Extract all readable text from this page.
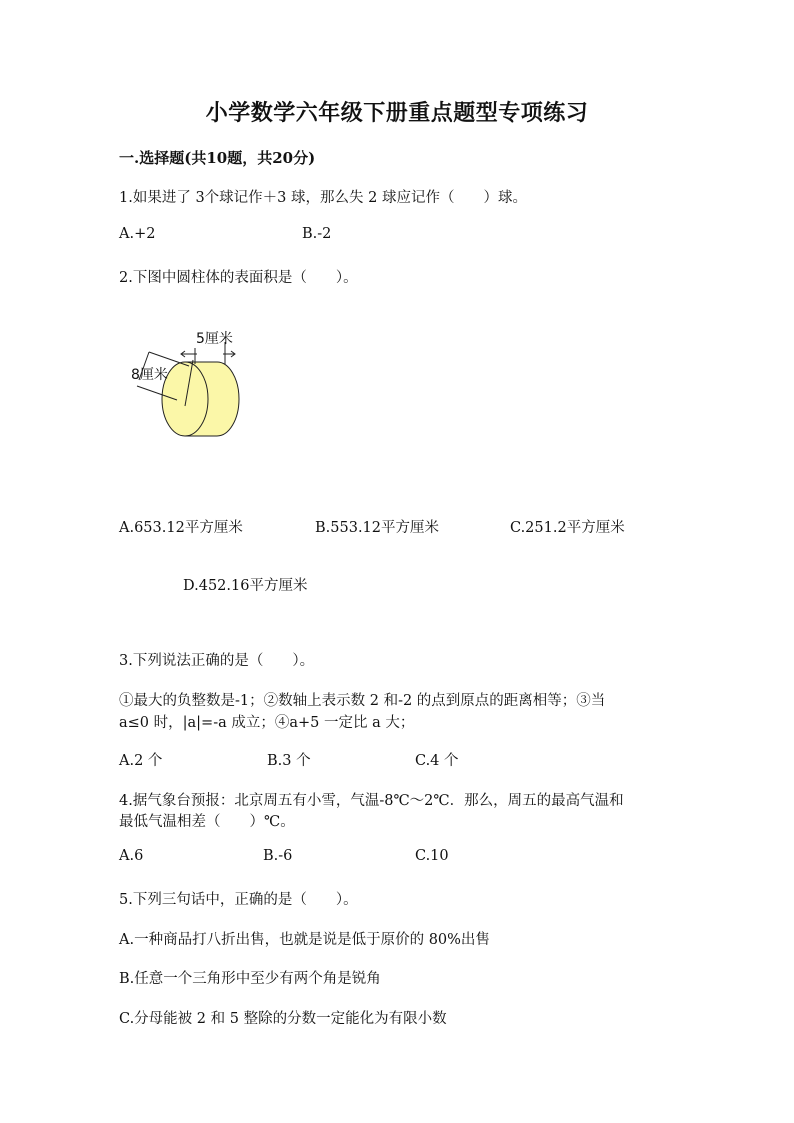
小学数学六年级下册重点题型专项练习
一.选择题(共10题，共20分)
1.如果进了 3个球记作＋3 球，那么失 2 球应记作（　　）球。
A.+2	B.-2
2.下图中圆柱体的表面积是（　　）。
5厘米
8厘米
A.653.12平方厘米	B.553.12平方厘米	C.251.2平方厘米
D.452.16平方厘米
3.下列说法正确的是（　　）。
①最大的负整数是-1；②数轴上表示数 2 和-2 的点到原点的距离相等；③当
a≤0 时，|a|=-a 成立；④a+5 一定比 a 大；
A.2 个	B.3 个	C.4 个
4.据气象台预报：北京周五有小雪，气温-8℃～2℃．那么，周五的最高气温和
最低气温相差（　　）℃。
A.6	B.-6	C.10
5.下列三句话中，正确的是（　　）。
A.一种商品打八折出售，也就是说是低于原价的 80%出售
B.任意一个三角形中至少有两个角是锐角
C.分母能被 2 和 5 整除的分数一定能化为有限小数
